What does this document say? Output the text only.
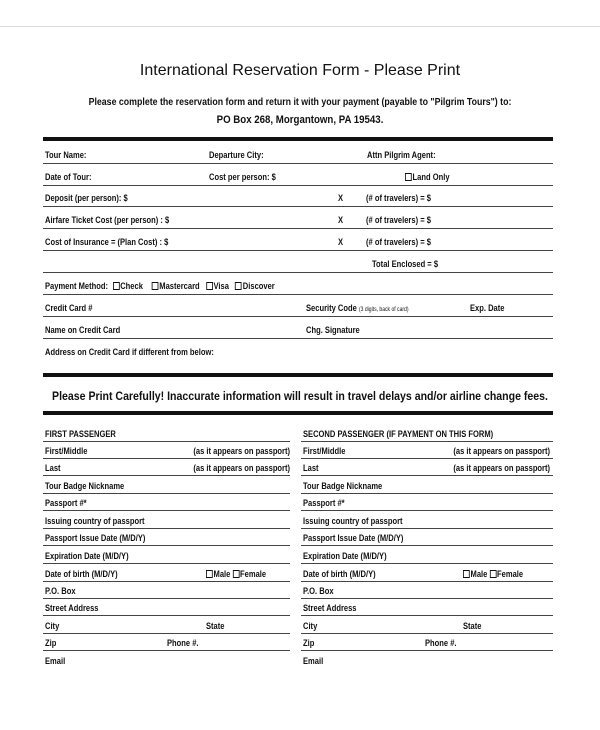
International Reservation Form - Please Print
Please complete the reservation form and return it with your payment (payable to "Pilgrim Tours") to:
PO Box 268, Morgantown, PA 19543.
Tour Name:	Departure City:	Attn Pilgrim Agent:
Date of Tour:	Cost per person: $	Land Only
Deposit (per person): $	X	(# of travelers) = $
Airfare Ticket Cost (per person) : $	X	(# of travelers) = $
Cost of Insurance = (Plan Cost) : $	X	(# of travelers) = $
Total Enclosed = $
Payment Method: Check Mastercard Visa Discover
Credit Card #	Security Code (3 digits, back of card)	Exp. Date
Name on Credit Card	Chg. Signature
Address on Credit Card if different from below:
Please Print Carefully! Inaccurate information will result in travel delays and/or airline change fees.
FIRST PASSENGER
First/Middle	(as it appears on passport)
Last	(as it appears on passport)
Tour Badge Nickname
Passport #*
Issuing country of passport
Passport Issue Date (M/D/Y)
Expiration Date (M/D/Y)
Date of birth (M/D/Y)	Male Female
P.O. Box
Street Address
City	State
Zip	Phone #.
Email
SECOND PASSENGER (IF PAYMENT ON THIS FORM)
First/Middle	(as it appears on passport)
Last	(as it appears on passport)
Tour Badge Nickname
Passport #*
Issuing country of passport
Passport Issue Date (M/D/Y)
Expiration Date (M/D/Y)
Date of birth (M/D/Y)	Male Female
P.O. Box
Street Address
City	State
Zip	Phone #.
Email
